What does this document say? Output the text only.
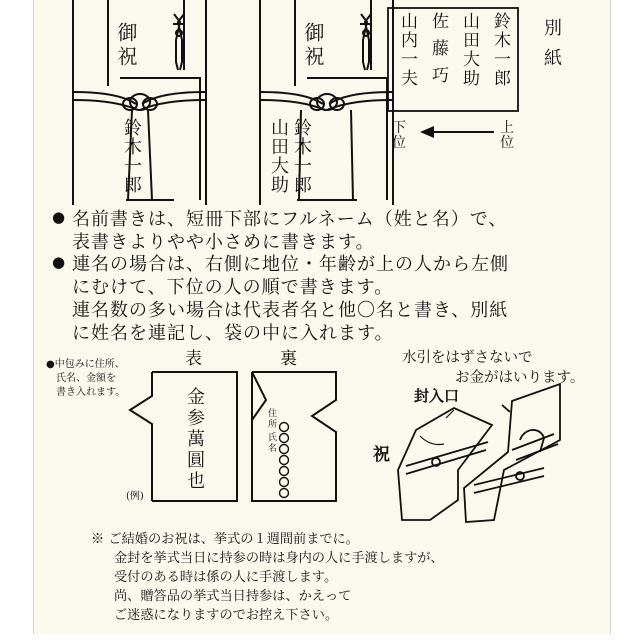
御祝
鈴木一郎
御祝
鈴木一郎
山田大助
鈴木一郎
山田大助
佐藤巧
山内一夫	別紙
上位
下位
● 名前書きは、短冊下部にフルネーム（姓と名）で、
表書きよりやや小さめに書きます。
● 連名の場合は、右側に地位・年齢が上の人から左側
にむけて、下位の人の順で書きます。
連名数の多い場合は代表者名と他〇名と書き、別紙
に姓名を連記し、袋の中に入れます。
●中包みに住所、
氏名、金額を
書き入れます。
表	裏
金参萬圓也
(例)
住所
氏名
水引をはずさないで
お金がはいります。
封入口
祝
※ ご結婚のお祝は、挙式の１週間前までに。
金封を挙式当日に持参の時は身内の人に手渡しますが、
受付のある時は係の人に手渡します。
尚、贈答品の挙式当日持参は、かえって
ご迷惑になりますのでお控え下さい。
